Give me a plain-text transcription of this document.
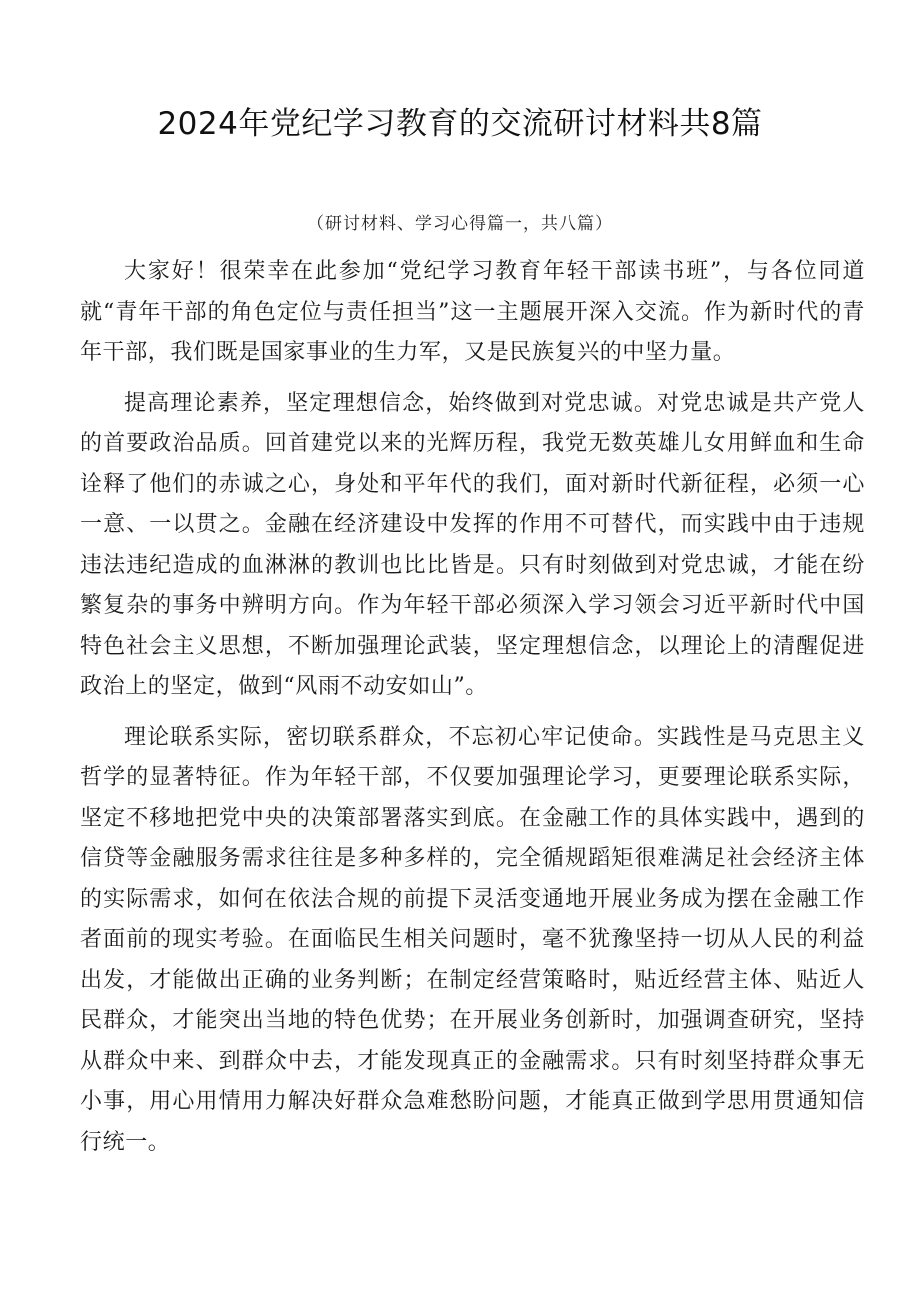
2024年党纪学习教育的交流研讨材料共8篇
（研讨材料、学习心得篇一，共八篇）

大家好！很荣幸在此参加“党纪学习教育年轻干部读书班”，与各位同道就“青年干部的角色定位与责任担当”这一主题展开深入交流。作为新时代的青年干部，我们既是国家事业的生力军，又是民族复兴的中坚力量。

提高理论素养，坚定理想信念，始终做到对党忠诚。对党忠诚是共产党人的首要政治品质。回首建党以来的光辉历程，我党无数英雄儿女用鲜血和生命诠释了他们的赤诚之心，身处和平年代的我们，面对新时代新征程，必须一心一意、一以贯之。金融在经济建设中发挥的作用不可替代，而实践中由于违规违法违纪造成的血淋淋的教训也比比皆是。只有时刻做到对党忠诚，才能在纷繁复杂的事务中辨明方向。作为年轻干部必须深入学习领会习近平新时代中国特色社会主义思想，不断加强理论武装，坚定理想信念，以理论上的清醒促进政治上的坚定，做到“风雨不动安如山”。

理论联系实际，密切联系群众，不忘初心牢记使命。实践性是马克思主义哲学的显著特征。作为年轻干部，不仅要加强理论学习，更要理论联系实际，坚定不移地把党中央的决策部署落实到底。在金融工作的具体实践中，遇到的信贷等金融服务需求往往是多种多样的，完全循规蹈矩很难满足社会经济主体的实际需求，如何在依法合规的前提下灵活变通地开展业务成为摆在金融工作者面前的现实考验。在面临民生相关问题时，毫不犹豫坚持一切从人民的利益出发，才能做出正确的业务判断；在制定经营策略时，贴近经营主体、贴近人民群众，才能突出当地的特色优势；在开展业务创新时，加强调查研究，坚持从群众中来、到群众中去，才能发现真正的金融需求。只有时刻坚持群众事无小事，用心用情用力解决好群众急难愁盼问题，才能真正做到学思用贯通知信行统一。
